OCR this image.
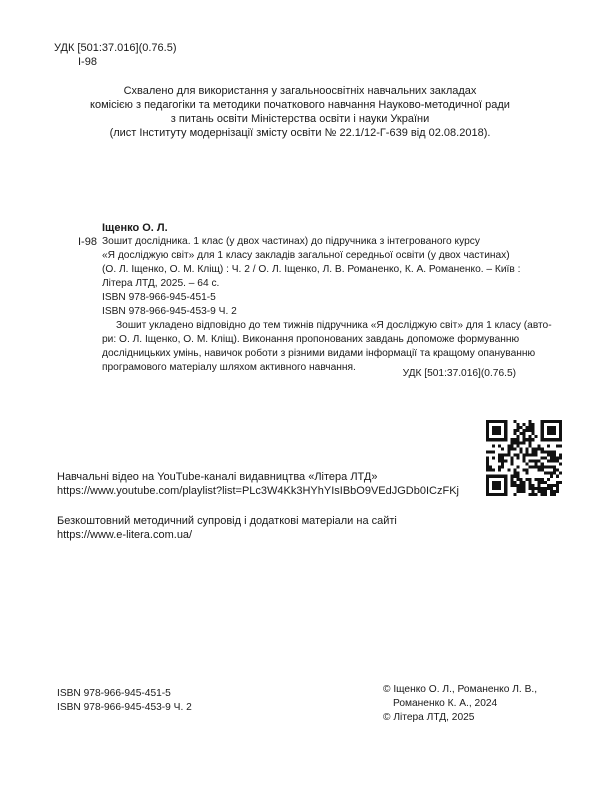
УДК [501:37.016](0.76.5)
І-98
Схвалено для використання у загальноосвітніх навчальних закладах
комісією з педагогіки та методики початкового навчання Науково-методичної ради
з питань освіти Міністерства освіти і науки України
(лист Інституту модернізації змісту освіти № 22.1/12-Г-639 від 02.08.2018).
Іщенко О. Л.
І-98 Зошит дослідника. 1 клас (у двох частинах) до підручника з інтегрованого курсу
«Я досліджую світ» для 1 класу закладів загальної середньої освіти (у двох частинах)
(О. Л. Іщенко, О. М. Кліщ) : Ч. 2 / О. Л. Іщенко, Л. В. Романенко, К. А. Романенко. – Київ :
Літера ЛТД, 2025. – 64 с.
ISBN 978-966-945-451-5
ISBN 978-966-945-453-9 Ч. 2
Зошит укладено відповідно до тем тижнів підручника «Я досліджую світ» для 1 класу (авто-
ри: О. Л. Іщенко, О. М. Кліщ). Виконання пропонованих завдань допоможе формуванню
дослідницьких умінь, навичок роботи з різними видами інформації та кращому опануванню
програмового матеріалу шляхом активного навчання.
УДК [501:37.016](0.76.5)
Навчальні відео на YouTube-каналі видавництва «Літера ЛТД»
https://www.youtube.com/playlist?list=PLc3W4Kk3HYhYIsIBbO9VEdJGDb0ICzFKj
Безкоштовний методичний супровід і додаткові матеріали на сайті
https://www.e-litera.com.ua/
ISBN 978-966-945-451-5
ISBN 978-966-945-453-9 Ч. 2
© Іщенко О. Л., Романенко Л. В.,
Романенко К. А., 2024
© Літера ЛТД, 2025
